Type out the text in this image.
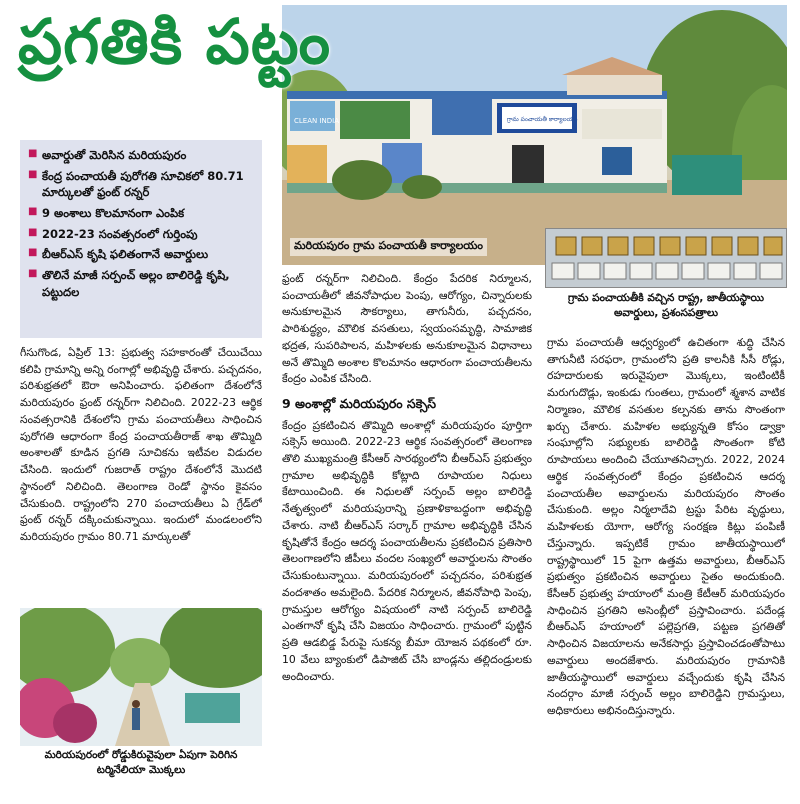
ప్రగతికి పట్టం
CLEAN INDIA	గ్రామ పంచాయతీ కార్యాలయం
మరియపురం గ్రామ పంచాయతీ కార్యాలయం
గ్రామ పంచాయతీకి వచ్చిన రాష్ట్ర, జాతీయస్థాయి అవార్డులు, ప్రశంసపత్రాలు
■ అవార్డుతో మెరిసిన మరియపురం
■ కేంద్ర పంచాయతీ పురోగతి సూచికలో 80.71 మార్కులతో ఫ్రంట్ రన్నర్
■ 9 అంశాలు కొలమానంగా ఎంపిక
■ 2022-23 సంవత్సరంలో గుర్తింపు
■ బీఆర్ఎస్ కృషి ఫలితంగానే అవార్డులు
■ తొలినే మాజీ సర్పంచ్ అల్లం బాలిరెడ్డి కృషి, పట్టుదల

గీసుగొండ, ఏప్రిల్ 13: ప్రభుత్వ సహకారంతో చేయిచేయి కలిపి గ్రామాన్ని అన్ని రంగాల్లో అభివృద్ధి చేశారు. పచ్చదనం, పరిశుభ్రతలో ఔరా అనిపించారు. ఫలితంగా దేశంలోనే మరియపురం ఫ్రంట్ రన్నర్‌గా నిలిచింది. 2022-23 ఆర్థిక సంవత్సరానికి దేశంలోని గ్రామ పంచాయతీలు సాధించిన పురోగతి ఆధారంగా కేంద్ర పంచాయతీరాజ్ శాఖ తొమ్మిది అంశాలతో కూడిన ప్రగతి సూచికను ఇటీవల విడుదల చేసింది. ఇందులో గుజరాత్ రాష్ట్రం దేశంలోనే మొదటి స్థానంలో నిలిచింది. తెలంగాణ రెండో స్థానం కైవసం చేసుకుంది. రాష్ట్రంలోని 270 పంచాయతీలు ఏ గ్రేడ్‌లో ఫ్రంట్ రన్నర్ దక్కించుకున్నాయి. ఇందులో మండలంలోని మరియపురం గ్రామం 80.71 మార్కులతో

మరియపురంలో రోడ్డుకిరువైపులా ఏపుగా పెరిగిన టర్మినేలియా మొక్కలు

ఫ్రంట్ రన్నర్‌గా నిలిచింది. కేంద్రం పేదరిక నిర్మూలన, పంచాయతీలో జీవనోపాధుల పెంపు, ఆరోగ్యం, చిన్నారులకు అనుకూలమైన సౌకర్యాలు, తాగునీరు, పచ్చదనం, పారిశుద్ధ్యం, మౌలిక వసతులు, స్వయంసమృద్ధి, సామాజిక భద్రత, సుపరిపాలన, మహిళలకు అనుకూలమైన విధానాలు అనే తొమ్మిది అంశాల కొలమానం ఆధారంగా పంచాయతీలను కేంద్రం ఎంపిక చేసింది.

9 అంశాల్లో మరియపురం సక్సెస్

కేంద్రం ప్రకటించిన తొమ్మిది అంశాల్లో మరియపురం పూర్తిగా సక్సెస్ అయింది. 2022-23 ఆర్థిక సంవత్సరంలో తెలంగాణ తొలి ముఖ్యమంత్రి కేసీఆర్ సారథ్యంలోని బీఆర్ఎస్ ప్రభుత్వం గ్రామాల అభివృద్ధికి కోట్లాది రూపాయల నిధులు కేటాయించింది. ఈ నిధులతో సర్పంచ్ అల్లం బాలిరెడ్డి నేతృత్వంలో మరియపురాన్ని ప్రణాళికాబద్ధంగా అభివృద్ధి చేశారు. నాటి బీఆర్ఎస్ సర్కార్ గ్రామాల అభివృద్ధికి చేసిన కృషితోనే కేంద్రం ఆదర్శ పంచాయతీలను ప్రకటించిన ప్రతిసారి తెలంగాణలోని జీపీలు వందల సంఖ్యలో అవార్డులను సొంతం చేసుకుంటున్నాయి. మరియపురంలో పచ్చదనం, పరిశుభ్రత వందశాతం అమలైంది. పేదరిక నిర్మూలన, జీవనోపాధి పెంపు, గ్రామస్తుల ఆరోగ్యం విషయంలో నాటి సర్పంచ్ బాలిరెడ్డి ఎంతగానో కృషి చేసి విజయం సాధించారు. గ్రామంలో పుట్టిన ప్రతి ఆడబిడ్డ పేరుపై సుకన్య బీమా యోజన పథకంలో రూ. 10 వేలు బ్యాంకులో డిపాజిట్ చేసి బాండ్లను తల్లిదండ్రులకు అందించారు.

గ్రామ పంచాయతీ ఆధ్వర్యంలో ఉచితంగా శుద్ధి చేసిన తాగునీటి సరఫరా, గ్రామంలోని ప్రతి కాలనీకి సీసీ రోడ్లు, రహదారులకు ఇరువైపులా మొక్కలు, ఇంటింటికీ మరుగుదొడ్లు, ఇంకుడు గుంతలు, గ్రామంలో శ్మశాన వాటిక నిర్మాణం, మౌలిక వసతుల కల్పనకు తాను సొంతంగా ఖర్చు చేశారు. మహిళల అభ్యున్నతి కోసం డ్వాక్రా సంఘాల్లోని సభ్యులకు బాలిరెడ్డి సొంతంగా కోటి రూపాయలు అందించి చేయూతనిచ్చారు. 2022, 2024 ఆర్థిక సంవత్సరంలో కేంద్రం ప్రకటించిన ఆదర్శ పంచాయతీల అవార్డులను మరియపురం సొంతం చేసుకుంది. అల్లం నిర్మలాదేవి ట్రస్టు పేరిట వృద్ధులు, మహిళలకు యోగా, ఆరోగ్య సంరక్షణ కిట్లు పంపిణీ చేస్తున్నారు. ఇప్పటికే గ్రామం జాతీయస్థాయిలో రాష్ట్రస్థాయిలో 15 పైగా ఉత్తమ అవార్డులు, బీఆర్ఎస్ ప్రభుత్వం ప్రకటించిన అవార్డులు సైతం అందుకుంది. కేసీఆర్ ప్రభుత్వ హయాంలో మంత్రి కేటీఆర్ మరియపురం సాధించిన ప్రగతిని అసెంబ్లీలో ప్రస్తావించారు. పదేండ్ల బీఆర్ఎస్ హయాంలో పల్లెప్రగతి, పట్టణ ప్రగతితో సాధించిన విజయాలను అనేకసార్లు ప్రస్తావించడంతోపాటు అవార్డులు అందజేశారు. మరియపురం గ్రామానికి జాతీయస్థాయిలో అవార్డులు వచ్చేందుకు కృషి చేసిన నందర్గాం మాజీ సర్పంచ్ అల్లం బాలిరెడ్డిని గ్రామస్తులు, అధికారులు అభినందిస్తున్నారు.
